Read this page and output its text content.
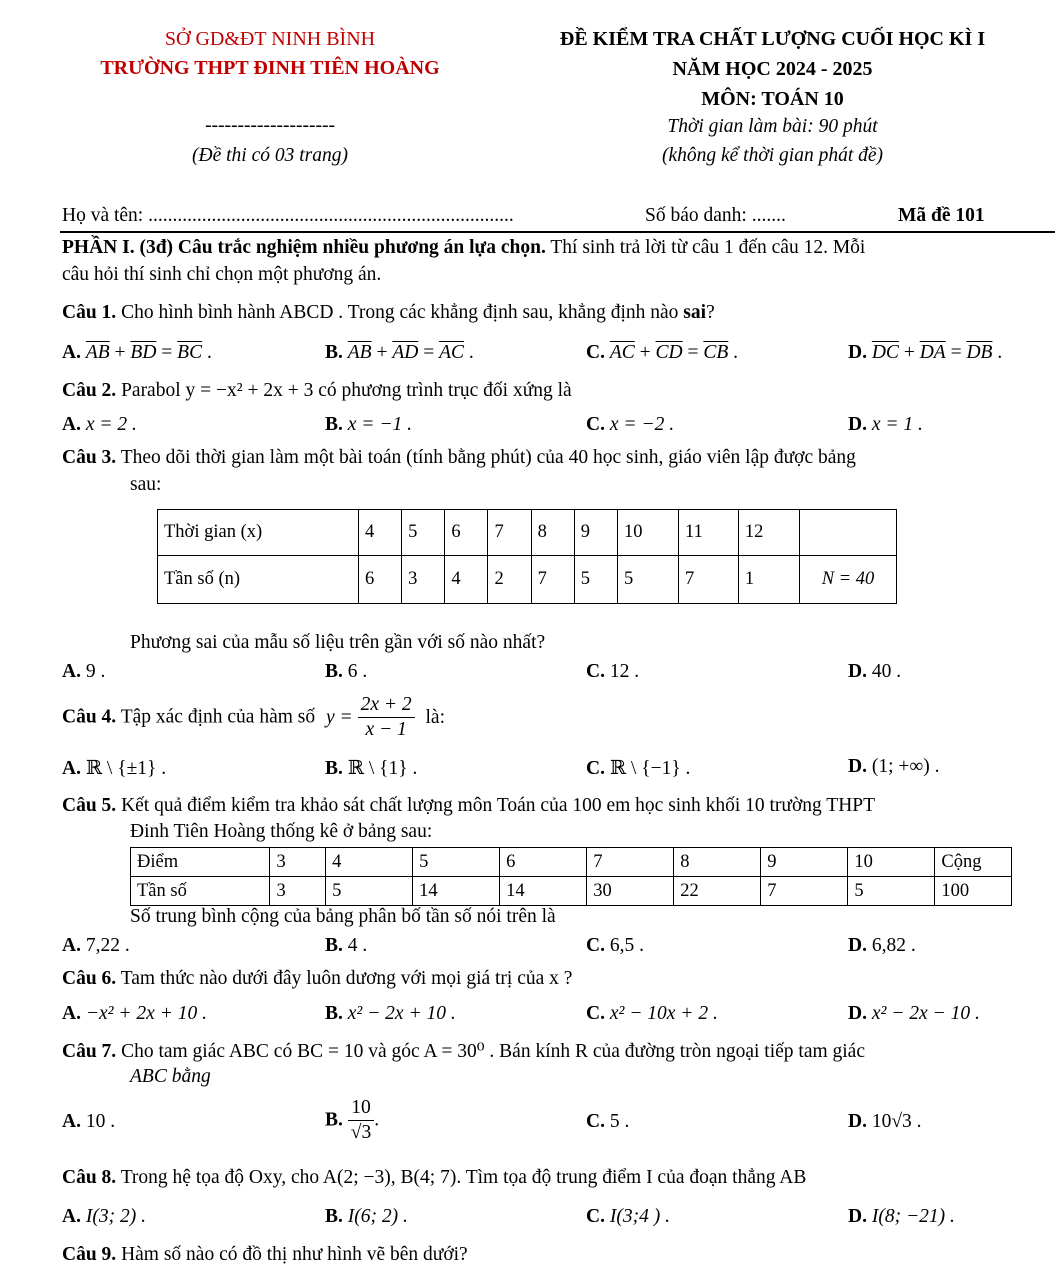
SỞ GD&ĐT NINH BÌNH
TRƯỜNG THPT ĐINH TIÊN HOÀNG
--------------------
(Đề thi có 03 trang)
ĐỀ KIỂM TRA CHẤT LƯỢNG CUỐI HỌC KÌ I
NĂM HỌC 2024 - 2025
MÔN: TOÁN 10
Thời gian làm bài: 90 phút
(không kể thời gian phát đề)
Họ và tên: ...........................................................................	Số báo danh: .......	Mã đề 101
PHẦN I. (3đ) Câu trắc nghiệm nhiều phương án lựa chọn. Thí sinh trả lời từ câu 1 đến câu 12. Mỗi
câu hỏi thí sinh chỉ chọn một phương án.
Câu 1. Cho hình bình hành ABCD . Trong các khẳng định sau, khẳng định nào sai?
A. $\overline{AB} + \overline{BD} = \overline{BC}$ .	B. $\overline{AB} + \overline{AD} = \overline{AC}$ .	C. $\overline{AC} + \overline{CD} = \overline{CB}$ .	D. $\overline{DC} + \overline{DA} = \overline{DB}$ .
Câu 2. Parabol y = −x² + 2x + 3 có phương trình trục đối xứng là
A. x = 2 .	B. x = −1 .	C. x = −2 .	D. x = 1 .
Câu 3. Theo dõi thời gian làm một bài toán (tính bằng phút) của 40 học sinh, giáo viên lập được bảng
sau:
Thời gian (x)	4	5	6	7	8	9	10	11	12	
Tần số (n)	6	3	4	2	7	5	5	7	1	N = 40
Phương sai của mẫu số liệu trên gần với số nào nhất?
A. 9 .	B. 6 .	C. 12 .	D. 40 .
Câu 4. Tập xác định của hàm số $y = \frac{2x + 2}{x - 1}$ là:
A. ℝ \ {±1} .	B. ℝ \ {1} .	C. ℝ \ {−1} .	D. (1; +∞) .
Câu 5. Kết quả điểm kiểm tra khảo sát chất lượng môn Toán của 100 em học sinh khối 10 trường THPT
Đinh Tiên Hoàng thống kê ở bảng sau:
Điểm	3	4	5	6	7	8	9	10	Cộng
Tần số	3	5	14	14	30	22	7	5	100
Số trung bình cộng của bảng phân bố tần số nói trên là
A. 7,22 .	B. 4 .	C. 6,5 .	D. 6,82 .
Câu 6. Tam thức nào dưới đây luôn dương với mọi giá trị của x ?
A. −x² + 2x + 10 .	B. x² − 2x + 10 .	C. x² − 10x + 2 .	D. x² − 2x − 10 .
Câu 7. Cho tam giác ABC có BC = 10 và góc A = 30⁰ . Bán kính R của đường tròn ngoại tiếp tam giác
ABC bằng
A. 10 .	B. $\frac{10}{√3}$ .	C. 5 .	D. 10√3 .
Câu 8. Trong hệ tọa độ Oxy, cho A(2; −3), B(4; 7). Tìm tọa độ trung điểm I của đoạn thẳng AB
A. I(3; 2) .	B. I(6; 2) .	C. I(3;4 ) .	D. I(8; −21) .
Câu 9. Hàm số nào có đồ thị như hình vẽ bên dưới?
